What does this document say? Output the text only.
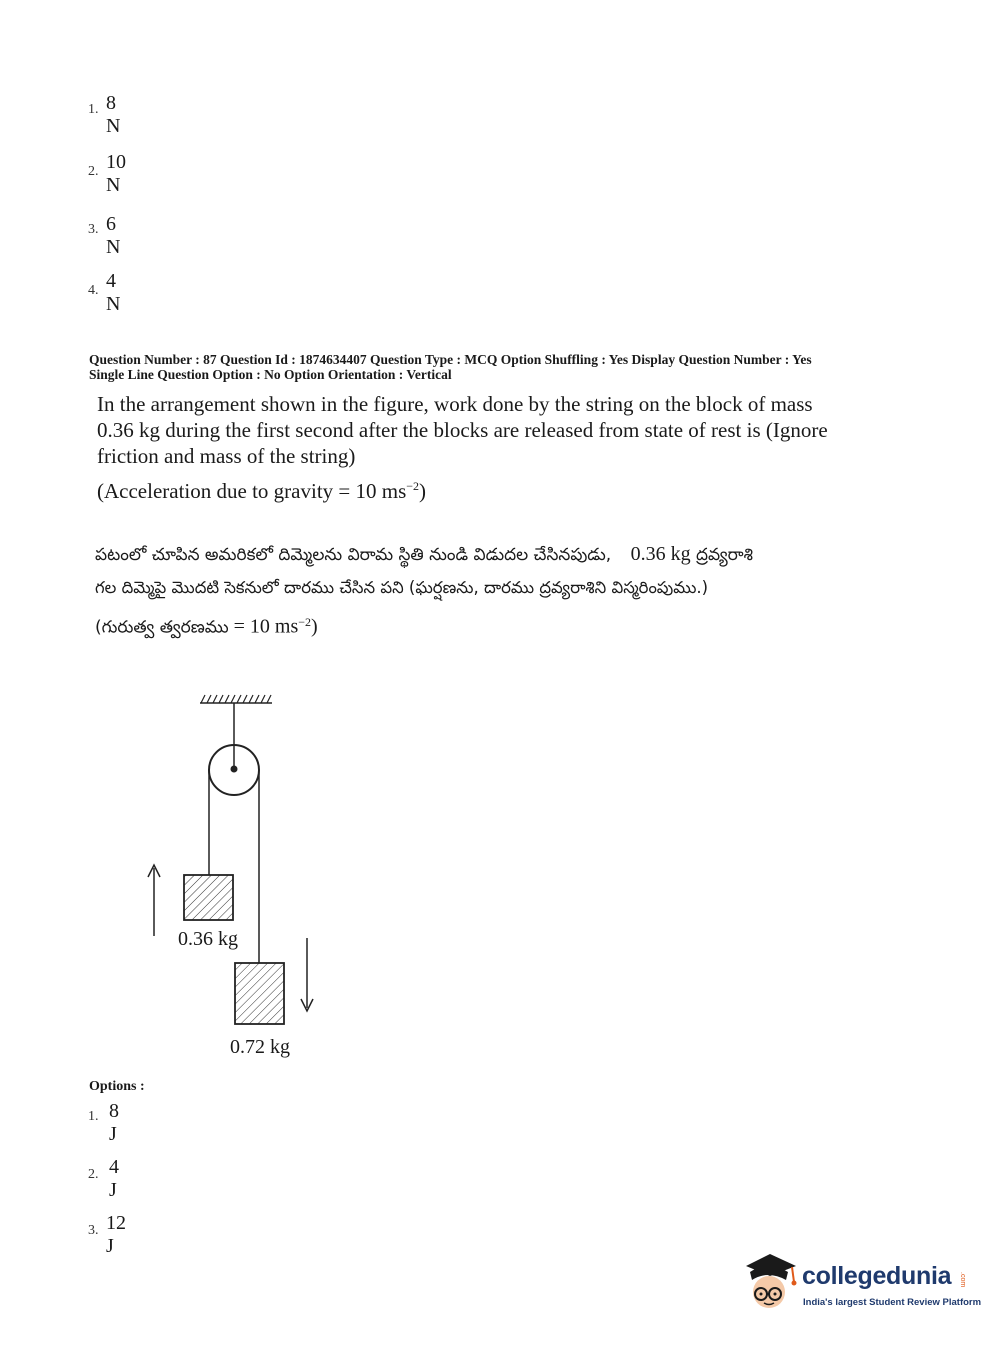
1. 8 N
2. 10 N
3. 6 N
4. 4 N
Question Number : 87 Question Id : 1874634407 Question Type : MCQ Option Shuffling : Yes Display Question Number : Yes
Single Line Question Option : No Option Orientation : Vertical
In the arrangement shown in the figure, work done by the string on the block of mass
0.36 kg during the first second after the blocks are released from state of rest is (Ignore
friction and mass of the string)
(Acceleration due to gravity = 10 $ms^{-2}$)
పటంలో చూపిన అమరికలో దిమ్మెలను విరామ స్థితి నుండి విడుదల చేసినపుడు, 0.36 kg ద్రవ్యరాశి
గల దిమ్మెపై మొదటి సెకనులో దారము చేసిన పని (ఘర్షణను, దారము ద్రవ్యరాశిని విస్మరింపుము.)
(గురుత్వ త్వరణము = 10 $ms^{-2}$)
0.36 kg
0.72 kg
Options :
1. 8 J
2. 4 J
3. 12 J
collegedunia .com
India's largest Student Review Platform
